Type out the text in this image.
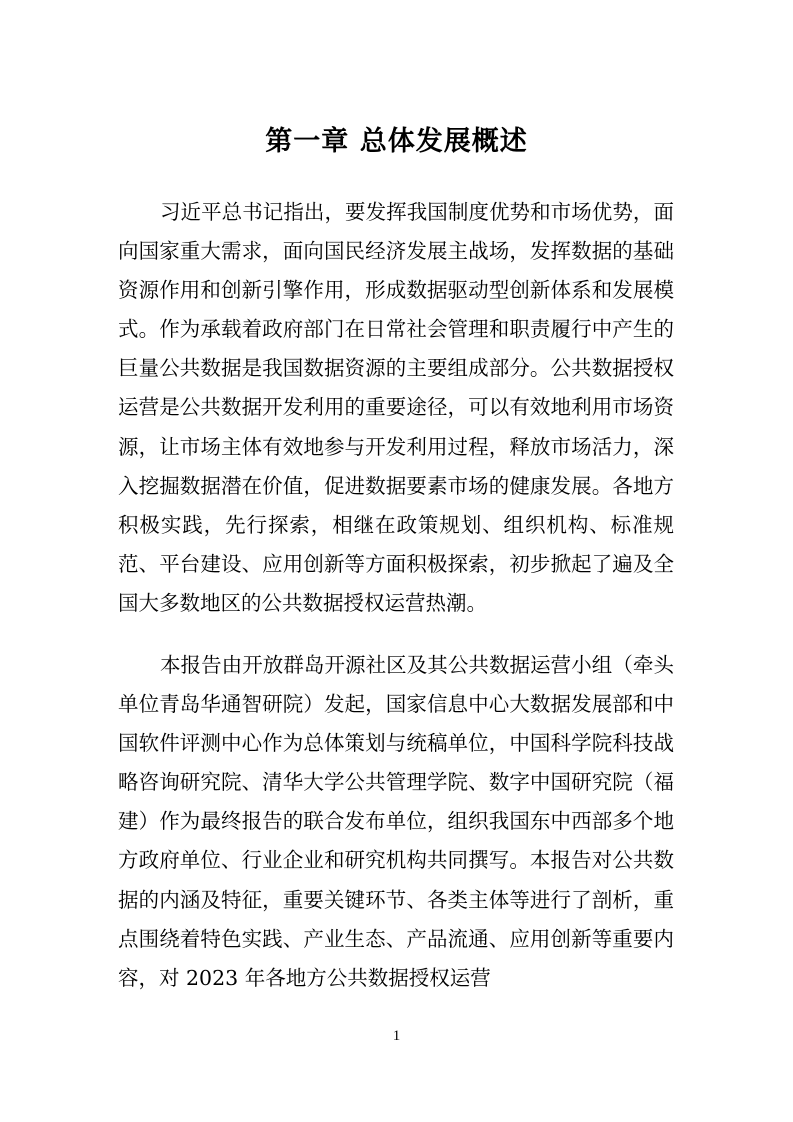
第一章 总体发展概述

习近平总书记指出，要发挥我国制度优势和市场优势，面向国家重大需求，面向国民经济发展主战场，发挥数据的基础资源作用和创新引擎作用，形成数据驱动型创新体系和发展模式。作为承载着政府部门在日常社会管理和职责履行中产生的巨量公共数据是我国数据资源的主要组成部分。公共数据授权运营是公共数据开发利用的重要途径，可以有效地利用市场资源，让市场主体有效地参与开发利用过程，释放市场活力，深入挖掘数据潜在价值，促进数据要素市场的健康发展。各地方积极实践，先行探索，相继在政策规划、组织机构、标准规范、平台建设、应用创新等方面积极探索，初步掀起了遍及全国大多数地区的公共数据授权运营热潮。

本报告由开放群岛开源社区及其公共数据运营小组（牵头单位青岛华通智研院）发起，国家信息中心大数据发展部和中国软件评测中心作为总体策划与统稿单位，中国科学院科技战略咨询研究院、清华大学公共管理学院、数字中国研究院（福建）作为最终报告的联合发布单位，组织我国东中西部多个地方政府单位、行业企业和研究机构共同撰写。本报告对公共数据的内涵及特征，重要关键环节、各类主体等进行了剖析，重点围绕着特色实践、产业生态、产品流通、应用创新等重要内容，对 2023 年各地方公共数据授权运营

1
